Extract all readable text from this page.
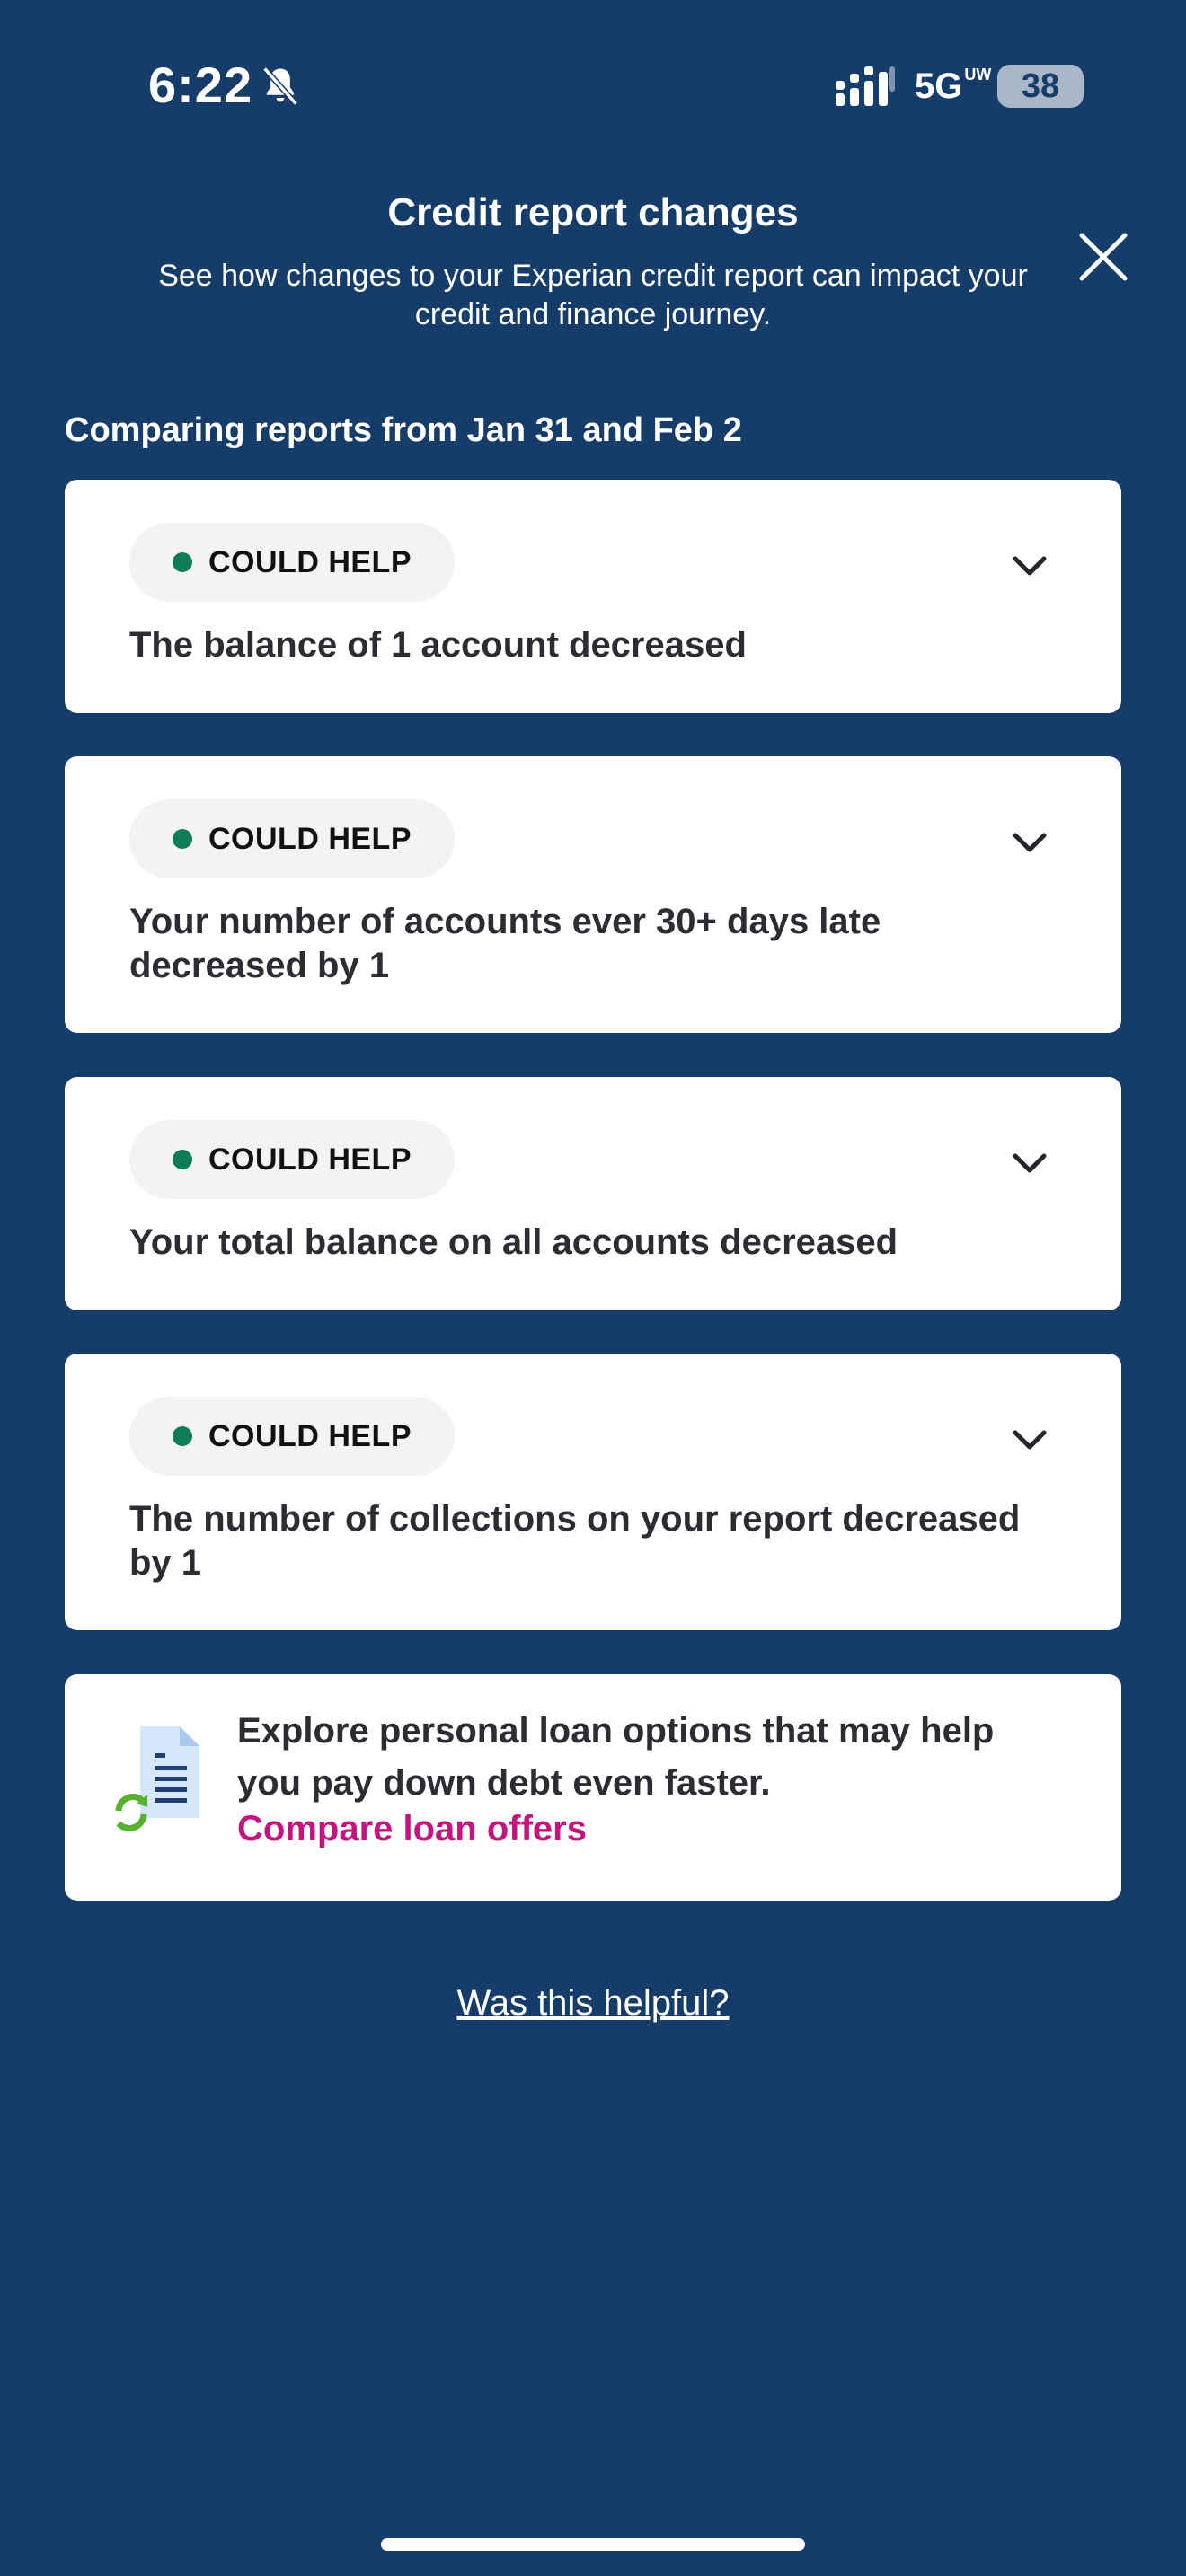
6:22	5G UW 38
Credit report changes
See how changes to your Experian credit report can impact your credit and finance journey.
Comparing reports from Jan 31 and Feb 2
COULD HELP
The balance of 1 account decreased
COULD HELP
Your number of accounts ever 30+ days late decreased by 1
COULD HELP
Your total balance on all accounts decreased
COULD HELP
The number of collections on your report decreased by 1
Explore personal loan options that may help you pay down debt even faster.
Compare loan offers
Was this helpful?
